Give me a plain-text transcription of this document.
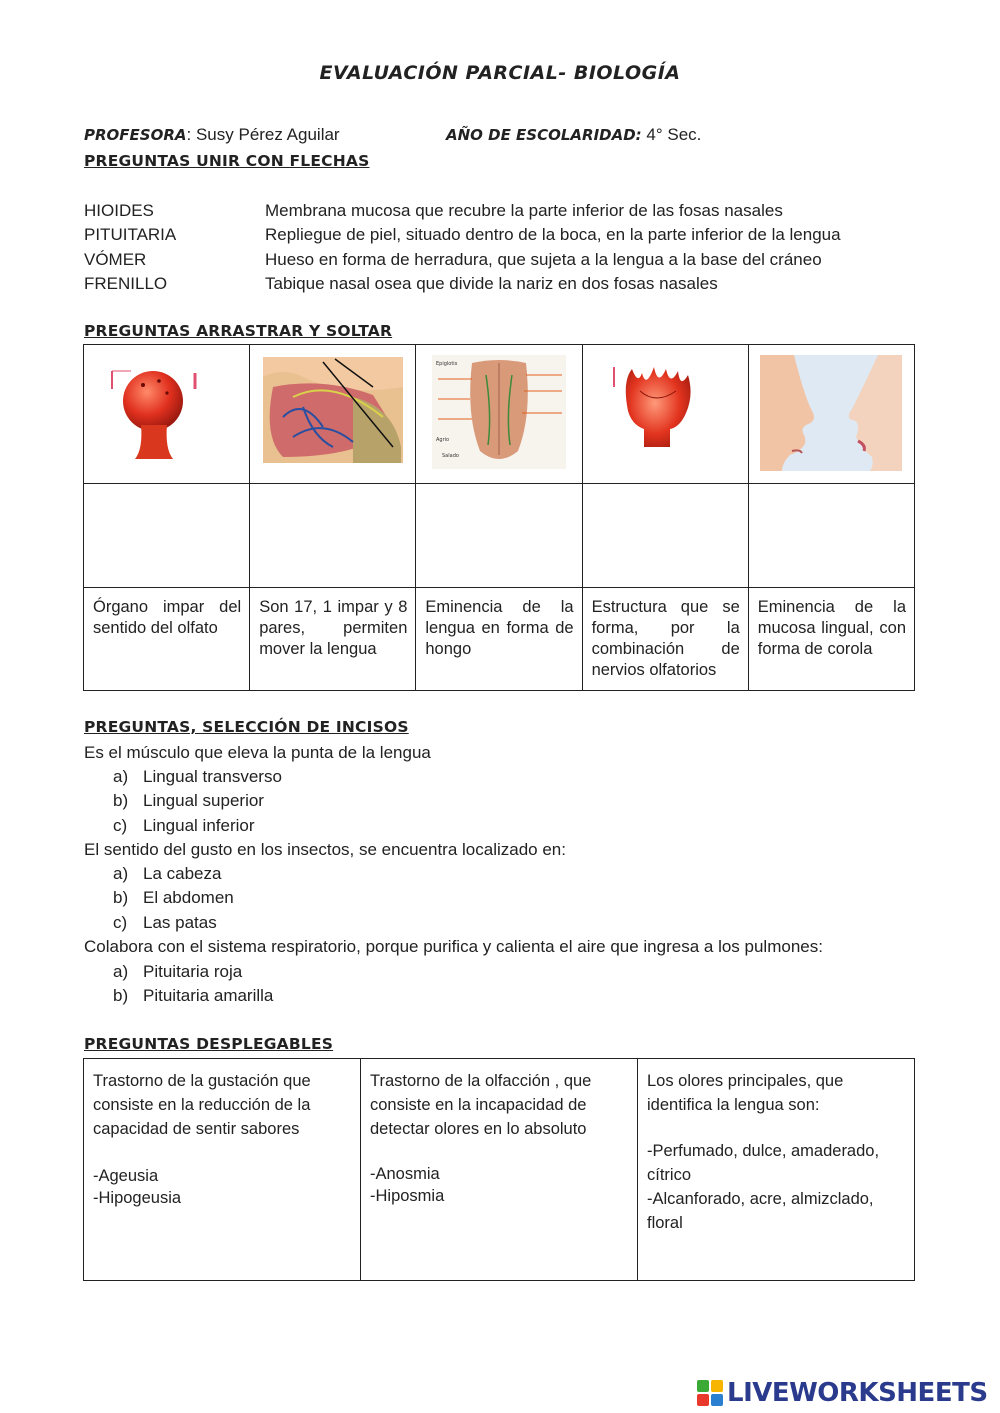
EVALUACIÓN PARCIAL- BIOLOGÍA
PROFESORA: Susy Pérez Aguilar	AÑO DE ESCOLARIDAD: 4° Sec.
PREGUNTAS UNIR CON FLECHAS
HIOIDES	Membrana mucosa que recubre la parte inferior de las fosas nasales
PITUITARIA	Repliegue de piel, situado dentro de la boca, en la parte inferior de la lengua
VÓMER	Hueso en forma de herradura, que sujeta a la lengua a la base del cráneo
FRENILLO	Tabique nasal osea que divide la nariz en dos fosas nasales
PREGUNTAS ARRASTRAR Y SOLTAR

Epiglotis
Agrio
Salado

Órgano impar del sentido del olfato	Son 17, 1 impar y 8 pares, permiten mover la lengua	Eminencia de la lengua en forma de hongo	Estructura que se forma, por la combinación de nervios olfatorios	Eminencia de la mucosa lingual, con forma de corola
PREGUNTAS, SELECCIÓN DE INCISOS
Es el músculo que eleva la punta de la lengua
a) Lingual transverso
b) Lingual superior
c) Lingual inferior
El sentido del gusto en los insectos, se encuentra localizado en:
a) La cabeza
b) El abdomen
c) Las patas
Colabora con el sistema respiratorio, porque purifica y calienta el aire que ingresa a los pulmones:
a) Pituitaria roja
b) Pituitaria amarilla
PREGUNTAS DESPLEGABLES
Trastorno de la gustación que consiste en la reducción de la capacidad de sentir sabores
-Ageusia
-Hipogeusia

Trastorno de la olfacción , que consiste en la incapacidad de detectar olores en lo absoluto
-Anosmia
-Hiposmia

Los olores principales, que identifica la lengua son:
-Perfumado, dulce, amaderado, cítrico
-Alcanforado, acre, almizclado, floral
LIVEWORKSHEETS
